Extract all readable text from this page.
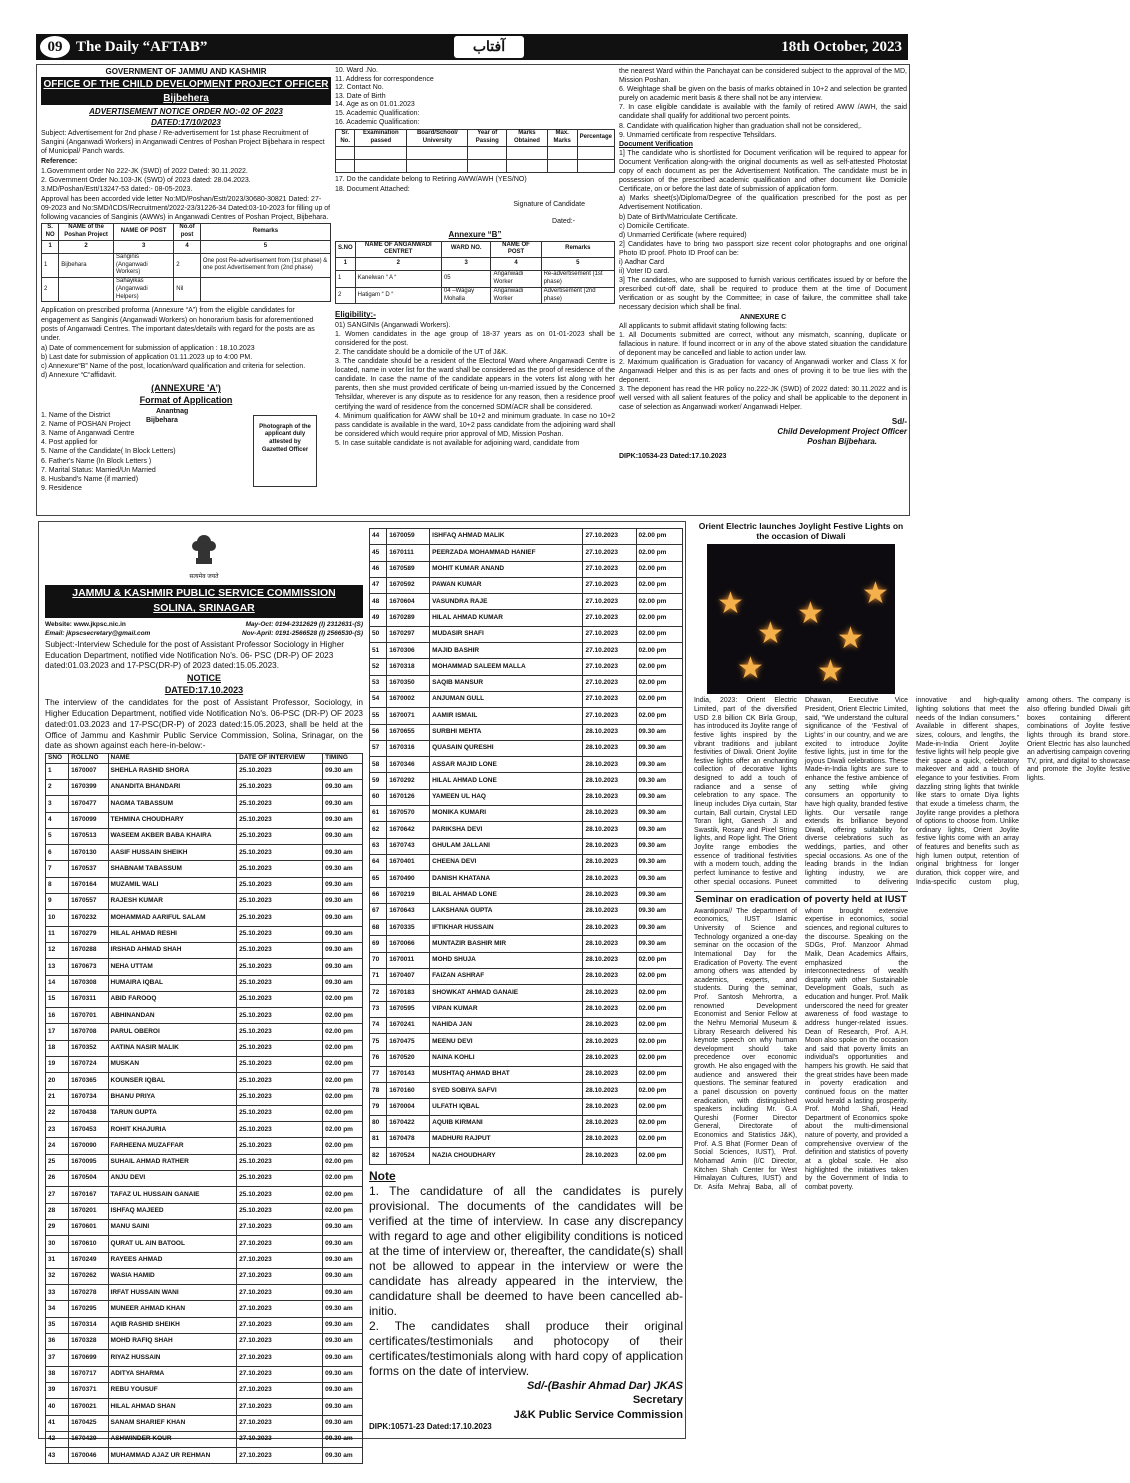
09 The Daily “AFTAB”	آفتاب	18th October, 2023
GOVERNMENT OF JAMMU AND KASHMIR
OFFICE OF THE CHILD DEVELOPMENT PROJECT OFFICER
Bijbehera
ADVERTISEMENT NOTICE ORDER NO:-02 OF 2023
DATED:17/10/2023

Subject: Advertisement for 2nd phase / Re-advertisement for 1st phase Recruitment of Sangini (Anganwadi Workers) in Anganwadi Centres of Poshan Project Bijbehara in respect of Municipal/ Panch wards.

Reference:
1.Government order No 222-JK (SWD) of 2022 Dated: 30.11.2022.
2. Government Order No.103-JK (SWD) of 2023 dated: 28.04.2023.
3.MD/Poshan/Estt/13247-53 dated:- 08-05-2023.

Approval has been accorded vide letter No:MD/Poshan/Estt/2023/30680-30821 Dated: 27-09-2023 and No:SMD/ICDS/Recruitment/2022-23/31226-34 Dated:03-10-2023 for filling up of following vacancies of Sanginis (AWWs) in Anganwadi Centres of Poshan Project, Bijbehara.

S. NO	NAME of the Poshan Project	NAME OF POST	No.of post	Remarks
1	2	3	4	5
1	Bijbehara	Sanginis (Anganwadi Workers)	2	One post Re-advertisement from (1st phase) & one post Advertisement from (2nd phase)
2		Sahayikas (Anganwadi Helpers)	Nil	

Application on prescribed proforma (Annexure “A”) from the eligible candidates for engagement as Sanginis (Anganwadi Workers) on honorarium basis for aforementioned posts of Anganwadi Centres. The important dates/details with regard for the posts are as under.

a) Date of commencement for submission of application : 18.10.2023
b) Last date for submission of application 01.11.2023 up to 4:00 PM.
c) Annexure“B” Name of the post, location/ward qualification and criteria for selection.
d) Annexure “C“affidavit.
(ANNEXURE 'A')
Format of Application
Anantnag
Bijbehara
1. Name of the District
2. Name of POSHAN Project
3. Name of Anganwadi Centre
4. Post applied for
5. Name of the Candidate( In Block Letters)
6. Father's Name (In Block Letters )
7. Marital Status: Married/Un Married
8. Husband's Name (if married)
9. Residence
Photograph of the applicant duly attested by Gazetted Officer
10. Ward .No.
11. Address for correspondence
12. Contact No.
13. Date of Birth
14. Age as on 01.01.2023
15. Academic Qualification:
16. Academic Qualification:
Sr. No.	Examination passed	Board/School/ University	Year of Passing	Marks Obtained	Max. Marks	Percentage

17. Do the candidate belong to Retiring AWW/AWH (YES/NO)

18. Document Attached:

Signature of Candidate
Dated:-
Annexure “B”
S.NO	NAME OF ANGANWADI CENTRET	WARD NO.	NAME OF POST	Remarks
1	2	3	4	5
1	Kanelwan “ A “	05	Anganwadi Worker	Re-advertisement (1st phase)
2	Hatigam “ D “	04 –Wagay Mohalla	Anganwadi Worker	Advertisement (2nd phase)
Eligibility:-
01) SANGINIs (Anganwadi Workers).
1. Women candidates in the age group of 18-37 years as on 01-01-2023 shall be considered for the post.
2. The candidate should be a domicile of the UT of J&K.
3. The candidate should be a resident of the Electoral Ward where Anganwadi Centre is located, name in voter list for the ward shall be considered as the proof of residence of the candidate. In case the name of the candidate appears in the voters list along with her parents, then she must provided certificate of being un-married issued by the Concerned Tehsildar, wherever is any dispute as to residence for any reason, then a residence proof certifying the ward of residence from the concerned SDM/ACR shall be considered.
4. Minimum qualification for AWW shall be 10+2 and minimum graduate. In case no 10+2 pass candidate is available in the ward, 10+2 pass candidate from the adjoining ward shall be considered which would require prior approval of MD, Mission Poshan.
5. In case suitable candidate is not available for adjoining ward, candidate from
the nearest Ward within the Panchayat can be considered subject to the approval of the MD, Mission Poshan.
6. Weightage shall be given on the basis of marks obtained in 10+2 and selection be granted purely on academic merit basis & there shall not be any interview.
7. In case eligible candidate is available with the family of retired AWW /AWH, the said candidate shall qualify for additional two percent points.
8. Candidate with qualification higher than graduation shall not be considered,.
9. Unmarried certificate from respective Tehsildars.
Document Verification
1] The candidate who is shortlisted for Document verification will be required to appear for Document Verification along-with the original documents as well as self-attested Photostat copy of each document as per the Advertisement Notification. The candidate must be in possession of the prescribed academic qualification and other document like Domicile Certificate, on or before the last date of submission of application form.
a) Marks sheet(s)/Diploma/Degree of the qualification prescribed for the post as per Advertisement Notification.
b) Date of Birth/Matriculate Certificate.
c) Domicile Certificate.
d) Unmarried Certificate (where required)
2] Candidates have to bring two passport size recent color photographs and one original Photo ID proof. Photo ID Proof can be:
i) Aadhar Card
ii) Voter ID card.
3] The candidates, who are supposed to furnish various certificates issued by or before the prescribed cut-off date, shall be required to produce them at the time of Document Verification or as sought by the Committee; in case of failure, the committee shall take necessary decision which shall be final.
ANNEXURE C
All applicants to submit affidavit stating following facts:
1. All Documents submitted are correct, without any mismatch, scanning, duplicate or fallacious in nature. If found incorrect or in any of the above stated situation the candidature of deponent may be cancelled and liable to action under law.
2. Maximum qualification is Graduation for vacancy of Anganwadi worker and Class X for Anganwadi Helper and this is as per facts and ones of proving it to be true lies with the deponent.
3. The deponent has read the HR policy no.222-JK (SWD) of 2022 dated: 30.11.2022 and is well versed with all salient features of the policy and shall be applicable to the deponent in case of selection as Anganwadi worker/ Anganwadi Helper.
Sd/-
Child Development Project Officer
Poshan Bijbehara.
DIPK:10534-23 Dated:17.10.2023
सत्यमेव जयते
JAMMU & KASHMIR PUBLIC SERVICE COMMISSION
SOLINA, SRINAGAR
Website: www.jkpsc.nic.in	May-Oct: 0194-2312629 (I) 2312631-(S)
Email: jkpscsecretary@gmail.com	Nov-April: 0191-2566528 (I) 2566530-(S)

Subject:-Interview Schedule for the post of Assistant Professor Sociology in Higher Education Department, notified vide Notification No's. 06- PSC (DR-P) OF 2023 dated:01.03.2023 and 17-PSC(DR-P) of 2023 dated:15.05.2023.

NOTICE
DATED:17.10.2023

The interview of the candidates for the post of Assistant Professor, Sociology, in Higher Education Department, notified vide Notification No's. 06-PSC (DR-P) OF 2023 dated:01.03.2023 and 17-PSC(DR-P) of 2023 dated:15.05.2023, shall be held at the Office of Jammu and Kashmir Public Service Commission, Solina, Srinagar, on the date as shown against each here-in-below:-

SNO	ROLLNO	NAME	DATE OF INTERVIEW	TIMING
1	1670007	SHEHLA RASHID SHORA	25.10.2023	09.30 am
2	1670399	ANANDITA BHANDARI	25.10.2023	09.30 am
3	1670477	NAGMA TABASSUM	25.10.2023	09.30 am
4	1670099	TEHMINA CHOUDHARY	25.10.2023	09.30 am
5	1670513	WASEEM AKBER BABA KHAIRA	25.10.2023	09.30 am
6	1670130	AASIF HUSSAIN SHEIKH	25.10.2023	09.30 am
7	1670537	SHABNAM TABASSUM	25.10.2023	09.30 am
8	1670164	MUZAMIL WALI	25.10.2023	09.30 am
9	1670557	RAJESH KUMAR	25.10.2023	09.30 am
10	1670232	MOHAMMAD AARIFUL SALAM	25.10.2023	09.30 am
11	1670279	HILAL AHMAD RESHI	25.10.2023	09.30 am
12	1670288	IRSHAD AHMAD SHAH	25.10.2023	09.30 am
13	1670673	NEHA UTTAM	25.10.2023	09.30 am
14	1670308	HUMAIRA IQBAL	25.10.2023	09.30 am
15	1670311	ABID FAROOQ	25.10.2023	02.00 pm
16	1670701	ABHINANDAN	25.10.2023	02.00 pm
17	1670708	PARUL OBEROI	25.10.2023	02.00 pm
18	1670352	AATINA NASIR MALIK	25.10.2023	02.00 pm
19	1670724	MUSKAN	25.10.2023	02.00 pm
20	1670365	KOUNSER IQBAL	25.10.2023	02.00 pm
21	1670734	BHANU PRIYA	25.10.2023	02.00 pm
22	1670438	TARUN GUPTA	25.10.2023	02.00 pm
23	1670453	ROHIT KHAJURIA	25.10.2023	02.00 pm
24	1670090	FARHEENA MUZAFFAR	25.10.2023	02.00 pm
25	1670095	SUHAIL AHMAD RATHER	25.10.2023	02.00 pm
26	1670504	ANJU DEVI	25.10.2023	02.00 pm
27	1670167	TAFAZ UL HUSSAIN GANAIE	25.10.2023	02.00 pm
28	1670201	ISHFAQ MAJEED	25.10.2023	02.00 pm
29	1670601	MANU SAINI	27.10.2023	09.30 am
30	1670610	QURAT UL AIN BATOOL	27.10.2023	09.30 am
31	1670249	RAYEES AHMAD	27.10.2023	09.30 am
32	1670262	WASIA HAMID	27.10.2023	09.30 am
33	1670278	IRFAT HUSSAIN WANI	27.10.2023	09.30 am
34	1670295	MUNEER AHMAD KHAN	27.10.2023	09.30 am
35	1670314	AQIB RASHID SHEIKH	27.10.2023	09.30 am
36	1670328	MOHD RAFIQ SHAH	27.10.2023	09.30 am
37	1670699	RIYAZ HUSSAIN	27.10.2023	09.30 am
38	1670717	ADITYA SHARMA	27.10.2023	09.30 am
39	1670371	REBU YOUSUF	27.10.2023	09.30 am
40	1670021	HILAL AHMAD SHAN	27.10.2023	09.30 am
41	1670425	SANAM SHARIEF KHAN	27.10.2023	09.30 am
42	1670429	ASHWINDER KOUR	27.10.2023	09.30 am
43	1670046	MUHAMMAD AJAZ UR REHMAN	27.10.2023	09.30 am
44	1670059	ISHFAQ AHMAD MALIK	27.10.2023	02.00 pm
45	1670111	PEERZADA MOHAMMAD HANIEF	27.10.2023	02.00 pm
46	1670589	MOHIT KUMAR ANAND	27.10.2023	02.00 pm
47	1670592	PAWAN KUMAR	27.10.2023	02.00 pm
48	1670604	VASUNDRA RAJE	27.10.2023	02.00 pm
49	1670289	HILAL AHMAD KUMAR	27.10.2023	02.00 pm
50	1670297	MUDASIR SHAFI	27.10.2023	02.00 pm
51	1670306	MAJID BASHIR	27.10.2023	02.00 pm
52	1670318	MOHAMMAD SALEEM MALLA	27.10.2023	02.00 pm
53	1670350	SAQIB MANSUR	27.10.2023	02.00 pm
54	1670002	ANJUMAN GULL	27.10.2023	02.00 pm
55	1670071	AAMIR ISMAIL	27.10.2023	02.00 pm
56	1670655	SURBHI MEHTA	28.10.2023	09.30 am
57	1670316	QUASAIN QURESHI	28.10.2023	09.30 am
58	1670346	ASSAR MAJID LONE	28.10.2023	09.30 am
59	1670292	HILAL AHMAD LONE	28.10.2023	09.30 am
60	1670126	YAMEEN UL HAQ	28.10.2023	09.30 am
61	1670570	MONIKA KUMARI	28.10.2023	09.30 am
62	1670642	PARIKSHA DEVI	28.10.2023	09.30 am
63	1670743	GHULAM JALLANI	28.10.2023	09.30 am
64	1670401	CHEENA DEVI	28.10.2023	09.30 am
65	1670490	DANISH KHATANA	28.10.2023	09.30 am
66	1670219	BILAL AHMAD LONE	28.10.2023	09.30 am
67	1670643	LAKSHANA GUPTA	28.10.2023	09.30 am
68	1670335	IFTIKHAR HUSSAIN	28.10.2023	09.30 am
69	1670066	MUNTAZIR BASHIR MIR	28.10.2023	09.30 am
70	1670011	MOHD SHUJA	28.10.2023	02.00 pm
71	1670407	FAIZAN ASHRAF	28.10.2023	02.00 pm
72	1670183	SHOWKAT AHMAD GANAIE	28.10.2023	02.00 pm
73	1670595	VIPAN KUMAR	28.10.2023	02.00 pm
74	1670241	NAHIDA JAN	28.10.2023	02.00 pm
75	1670475	MEENU DEVI	28.10.2023	02.00 pm
76	1670520	NAINA KOHLI	28.10.2023	02.00 pm
77	1670143	MUSHTAQ AHMAD BHAT	28.10.2023	02.00 pm
78	1670160	SYED SOBIYA SAFVI	28.10.2023	02.00 pm
79	1670004	ULFATH IQBAL	28.10.2023	02.00 pm
80	1670422	AQUIB KIRMANI	28.10.2023	02.00 pm
81	1670478	MADHURI RAJPUT	28.10.2023	02.00 pm
82	1670524	NAZIA CHOUDHARY	28.10.2023	02.00 pm
Note
1. The candidature of all the candidates is purely provisional. The documents of the candidates will be verified at the time of interview. In case any discrepancy with regard to age and other eligibility conditions is noticed at the time of interview or, thereafter, the candidate(s) shall not be allowed to appear in the interview or were the candidate has already appeared in the interview, the candidature shall be deemed to have been cancelled ab-initio.
2. The candidates shall produce their original certificates/testimonials and photocopy of their certificates/testimonials along with hard copy of application forms on the date of interview.
Sd/-(Bashir Ahmad Dar) JKAS
Secretary
J&K Public Service Commission
DIPK:10571-23 Dated:17.10.2023
Orient Electric launches Joylight Festive Lights on the occasion of Diwali
★
★
★
★
★
★ ★
India, 2023: Orient Electric Limited, part of the diversified USD 2.8 billion CK Birla Group, has introduced its Joylite range of festive lights inspired by the vibrant traditions and jubilant festivities of Diwali. Orient Joylite festive lights offer an enchanting collection of decorative lights designed to add a touch of radiance and a sense of celebration to any space. The lineup includes Diya curtain, Star curtain, Ball curtain, Crystal LED Toran light, Ganesh Ji and Swastik, Rosary and Pixel String lights, and Rope light. The Orient Joylite range embodies the essence of traditional festivities with a modern touch, adding the perfect luminance to festive and other special occasions. Puneet Dhawan, Executive Vice President, Orient Electric Limited, said, “We understand the cultural significance of the ‘Festival of Lights’ in our country, and we are excited to introduce Joylite festive lights, just in time for the joyous Diwali celebrations. These Made-in-India lights are sure to enhance the festive ambience of any setting while giving consumers an opportunity to have high quality, branded festive lights. Our versatile range extends its brilliance beyond Diwali, offering suitability for diverse celebrations such as weddings, parties, and other special occasions. As one of the leading brands in the Indian lighting industry, we are committed to delivering innovative and high-quality lighting solutions that meet the needs of the Indian consumers.” Available in different shapes, sizes, colours, and lengths, the Made-in-India Orient Joylite festive lights will help people give their space a quick, celebratory makeover and add a touch of elegance to your festivities. From dazzling string lights that twinkle like stars to ornate Diya lights that exude a timeless charm, the Joylite range provides a plethora of options to choose from. Unlike ordinary lights, Orient Joylite festive lights come with an array of features and benefits such as high lumen output, retention of original brightness for longer duration, thick copper wire, and India-specific custom plug, among others. The company is also offering bundled Diwali gift boxes containing different combinations of Joylite festive lights through its brand store. Orient Electric has also launched an advertising campaign covering TV, print, and digital to showcase and promote the Joylite festive lights.
Seminar on eradication of poverty held at IUST
Awantipora// The department of economics, IUST Islamic University of Science and Technology organized a one-day seminar on the occasion of the International Day for the Eradication of Poverty. The event among others was attended by academics, experts, and students. During the seminar, Prof. Santosh Mehrortra, a renowned Development Economist and Senior Fellow at the Nehru Memorial Museum & Library Research delivered his keynote speech on why human development should take precedence over economic growth. He also engaged with the audience and answered their questions. The seminar featured a panel discussion on poverty eradication, with distinguished speakers including Mr. G.A Qureshi (Former Director General, Directorate of Economics and Statistics J&K), Prof. A.S Bhat (Former Dean of Social Sciences, IUST), Prof. Mohamad Amin (I/C Director, Kitchen Shah Center for West Himalayan Cultures, IUST) and Dr. Asifa Mehraj Baba, all of whom brought extensive expertise in economics, social sciences, and regional cultures to the discourse. Speaking on the SDGs, Prof. Manzoor Ahmad Malik, Dean Academics Affairs, emphasized the interconnectedness of wealth disparity with other Sustainable Development Goals, such as education and hunger. Prof. Malik underscored the need for greater awareness of food wastage to address hunger-related issues. Dean of Research, Prof. A.H. Moon also spoke on the occasion and said that poverty limits an individual's opportunities and hampers his growth. He said that the great strides have been made in poverty eradication and continued focus on the matter would herald a lasting prosperity. Prof. Mohd Shafi, Head Department of Economics spoke about the multi-dimensional nature of poverty, and provided a comprehensive overview of the definition and statistics of poverty at a global scale. He also highlighted the initiatives taken by the Government of India to combat poverty.
